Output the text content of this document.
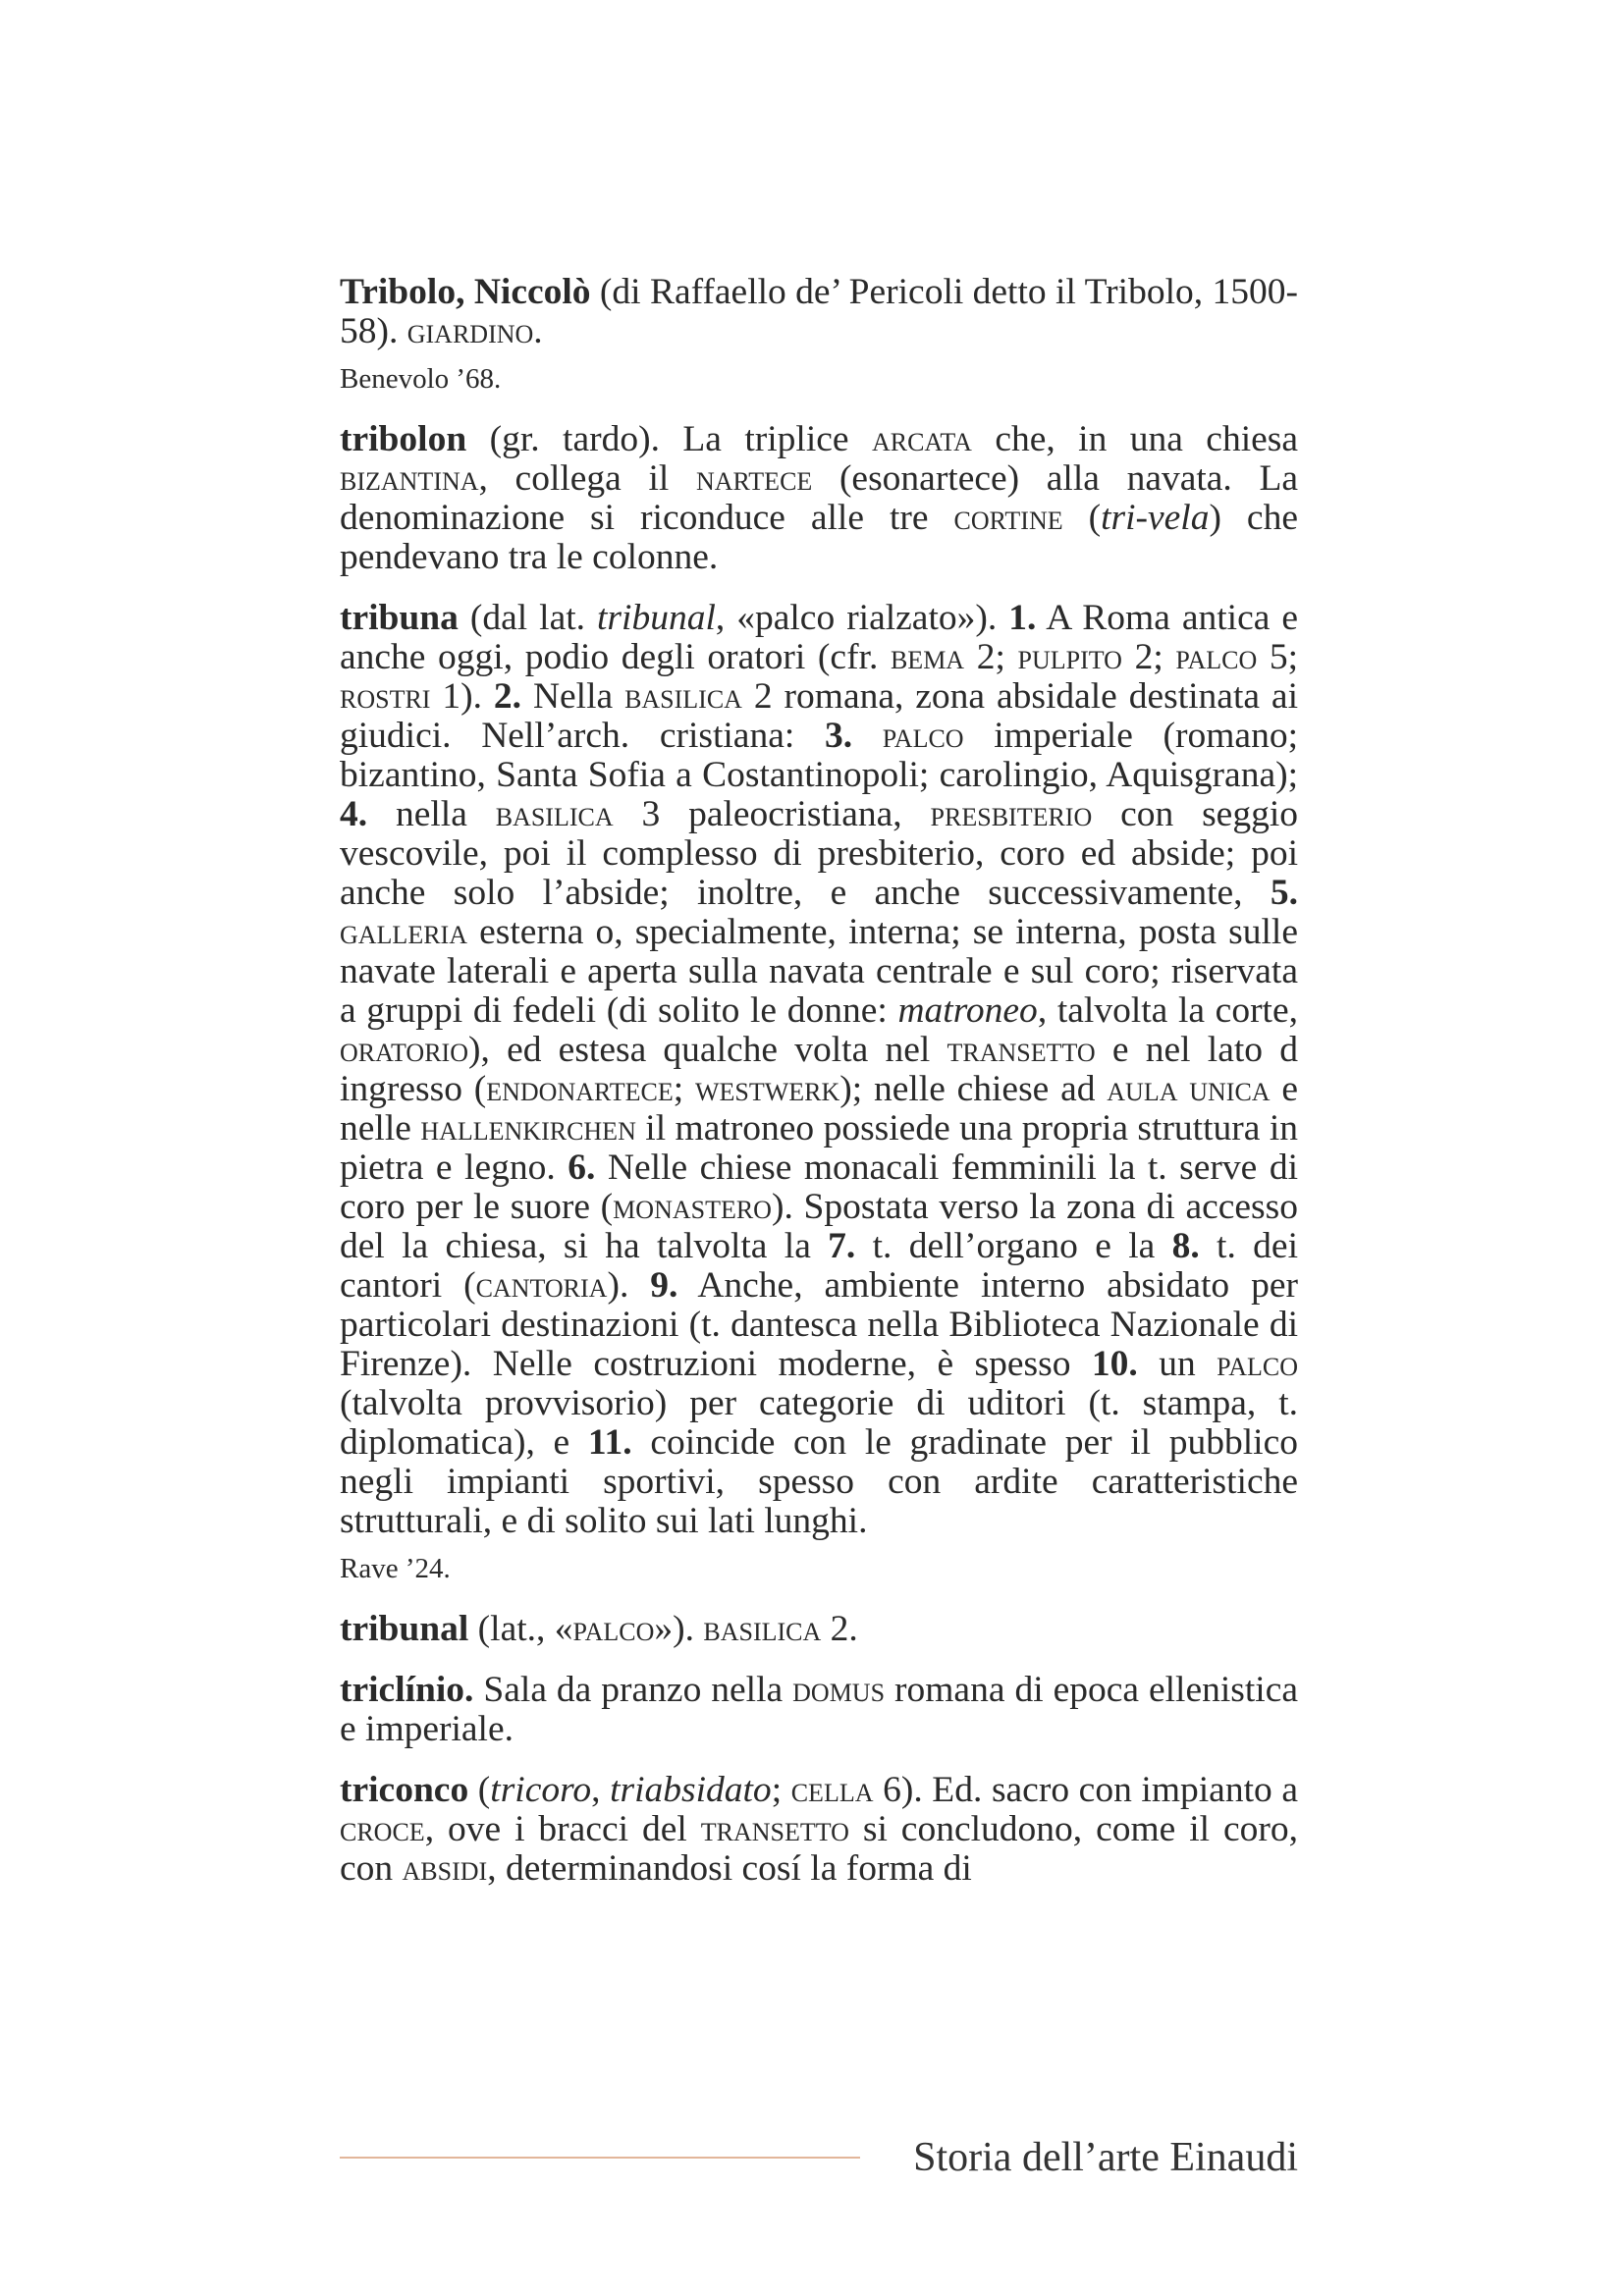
Tribolo, Niccolò (di Raffaello de’ Pericoli detto il Tribolo, 1500-58). giardino.
Benevolo ’68.
tribolon (gr. tardo). La triplice arcata che, in una chiesa bizantina, collega il nartece (esonartece) alla navata. La denominazione si riconduce alle tre cortine (tri-vela) che pendevano tra le colonne.
tribuna (dal lat. tribunal, «palco rialzato»). 1. A Roma antica e anche oggi, podio degli oratori (cfr. bema 2; pulpito 2; palco 5; rostri 1). 2. Nella basilica 2 romana, zona absidale destinata ai giudici. Nell’arch. cristiana: 3. palco imperiale (romano; bizantino, Santa Sofia a Costantinopoli; carolingio, Aquisgrana); 4. nella basilica 3 paleocristiana, presbiterio con seggio vescovile, poi il complesso di presbiterio, coro ed abside; poi anche solo l’abside; inoltre, e anche successivamente, 5. galleria esterna o, specialmente, interna; se interna, posta sulle navate laterali e aperta sulla navata centrale e sul coro; riservata a gruppi di fedeli (di solito le donne: matroneo, talvolta la corte, oratorio), ed estesa qualche volta nel transetto e nel lato d ingresso (endonartece; westwerk); nelle chiese ad aula unica e nelle hallenkirchen il matroneo possiede una propria struttura in pietra e legno. 6. Nelle chiese monacali femminili la t. serve di coro per le suore (monastero). Spostata verso la zona di accesso del la chiesa, si ha talvolta la 7. t. dell’organo e la 8. t. dei cantori (cantoria). 9. Anche, ambiente interno absidato per particolari destinazioni (t. dantesca nella Biblioteca Nazionale di Firenze). Nelle costruzioni moderne, è spesso 10. un palco (talvolta provvisorio) per categorie di uditori (t. stampa, t. diplomatica), e 11. coincide con le gradinate per il pubblico negli impianti sportivi, spesso con ardite caratteristiche strutturali, e di solito sui lati lunghi.
Rave ’24.
tribunal (lat., «palco»). basilica 2.
triclínio. Sala da pranzo nella domus romana di epoca ellenistica e imperiale.
triconco (tricoro, triabsidato; cella 6). Ed. sacro con impianto a croce, ove i bracci del transetto si concludono, come il coro, con absidi, determinandosi cosí la forma di
Storia dell’arte Einaudi
